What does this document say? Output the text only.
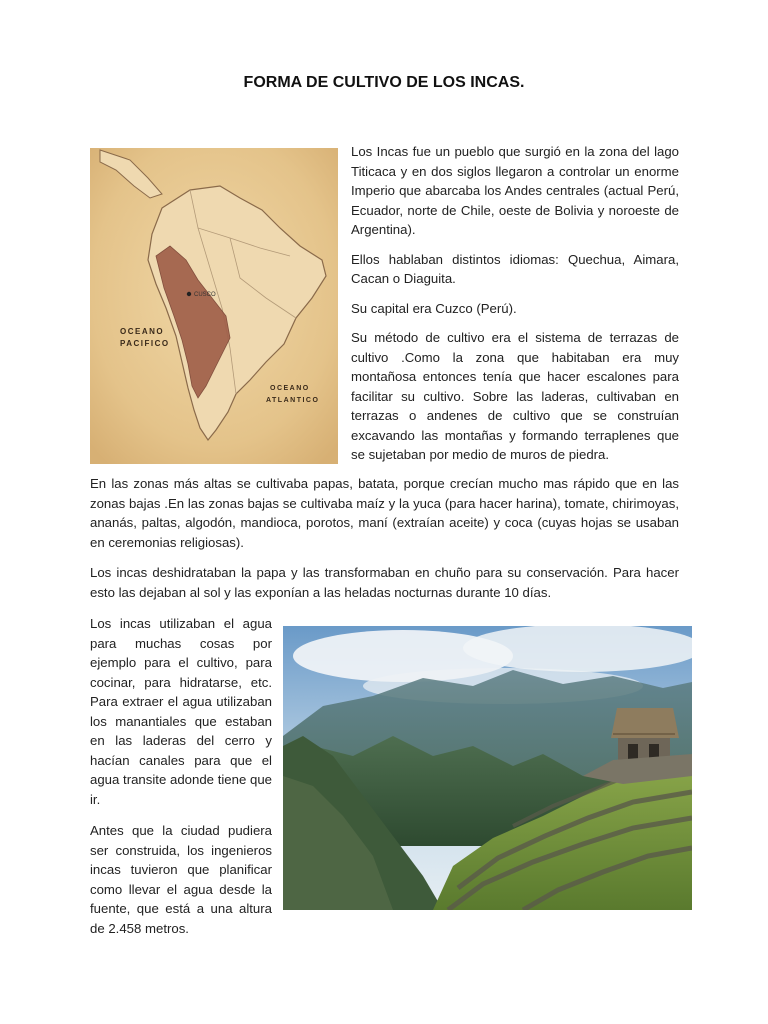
FORMA DE CULTIVO DE LOS INCAS.
CUSCO
OCEANO
PACIFICO
OCEANO
ATLANTICO

Los Incas fue un pueblo que surgió en la zona del lago Titicaca y en dos siglos llegaron a controlar un enorme Imperio que abarcaba los Andes centrales (actual Perú, Ecuador, norte de Chile, oeste de Bolivia y noroeste de Argentina).

Ellos hablaban distintos idiomas: Quechua, Aimara, Cacan o Diaguita.

Su capital era Cuzco (Perú).

Su método de cultivo era el sistema de terrazas de cultivo .Como la zona que habitaban era muy montañosa entonces tenía que hacer escalones para facilitar su cultivo. Sobre las laderas, cultivaban en terrazas o andenes de cultivo que se construían excavando las montañas y formando terraplenes que se sujetaban por medio de muros de piedra.

En las zonas más altas se cultivaba papas, batata, porque crecían mucho mas rápido que en las zonas bajas .En las zonas bajas se cultivaba maíz y la yuca (para hacer harina), tomate, chirimoyas, ananás, paltas, algodón, mandioca, porotos, maní (extraían aceite) y coca (cuyas hojas se usaban en ceremonias religiosas).

Los incas deshidrataban la papa y las transformaban en chuño para su conservación. Para hacer esto las dejaban al sol y las exponían a las heladas nocturnas durante 10 días.

Los incas utilizaban el agua para muchas cosas por ejemplo para el cultivo, para cocinar, para hidratarse, etc. Para extraer el agua utilizaban los manantiales que estaban en las laderas del cerro y hacían canales para que el agua transite adonde tiene que ir.

Antes que la ciudad pudiera ser construida, los ingenieros incas tuvieron que planificar como llevar el agua desde la fuente, que está a una altura de 2.458 metros.
